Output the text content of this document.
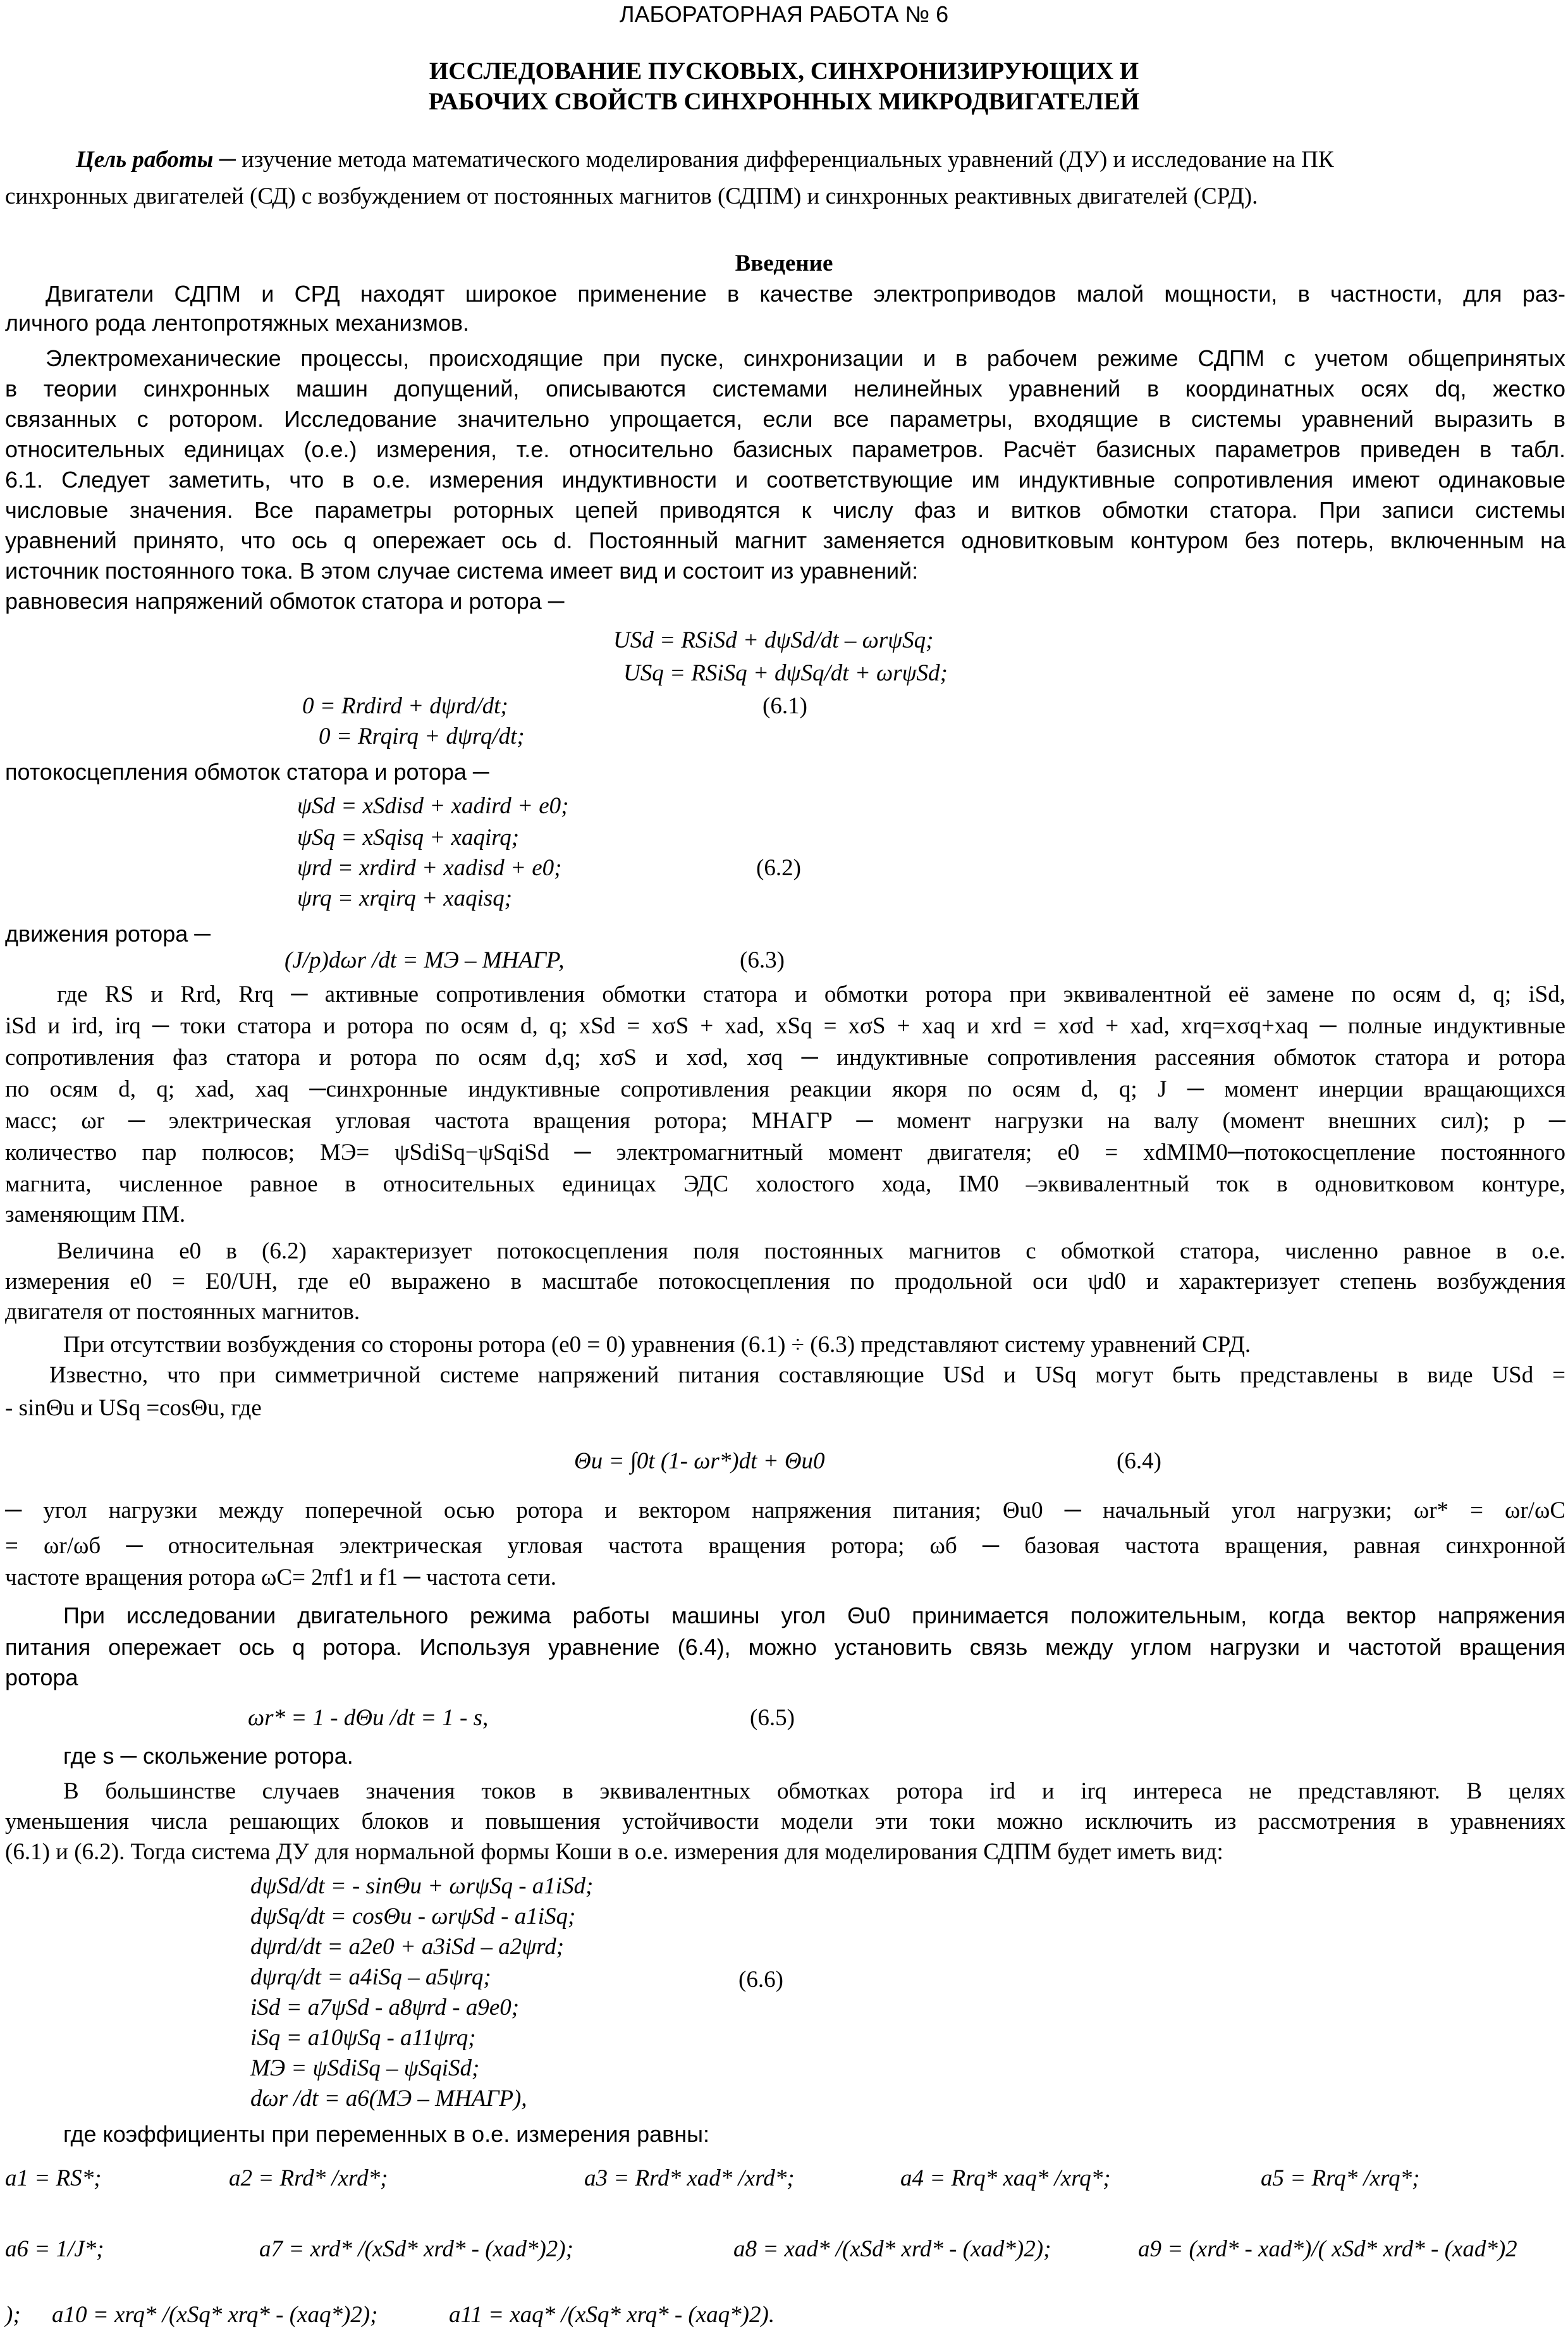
ЛАБОРАТОРНАЯ РАБОТА № 6
ИССЛЕДОВАНИЕ ПУСКОВЫХ, СИНХРОНИЗИРУЮЩИХ И
РАБОЧИХ СВОЙСТВ СИНХРОННЫХ МИКРОДВИГАТЕЛЕЙ
Цель работы ─ изучение метода математического моделирования дифференциальных уравнений (ДУ) и исследование на ПК
синхронных двигателей (СД) с возбуждением от постоянных магнитов (СДПМ) и синхронных реактивных двигателей (СРД).
Введение
Двигатели СДПМ и СРД находят широкое применение в качестве электроприводов малой мощности, в частности, для раз-
личного рода лентопротяжных механизмов.
Электромеханические процессы, происходящие при пуске, синхронизации и в рабочем режиме СДПМ с учетом общепринятых
в теории синхронных машин допущений, описываются системами нелинейных уравнений в координатных осях dq, жестко
связанных с ротором. Исследование значительно упрощается, если все параметры, входящие в системы уравнений выразить в
относительных единицах (о.е.) измерения, т.е. относительно базисных параметров. Расчёт базисных параметров приведен в табл.
6.1. Следует заметить, что в о.е. измерения индуктивности и соответствующие им индуктивные сопротивления имеют одинаковые
числовые значения. Все параметры роторных цепей приводятся к числу фаз и витков обмотки статора. При записи системы
уравнений принято, что ось q опережает ось d. Постоянный магнит заменяется одновитковым контуром без потерь, включенным на
источник постоянного тока. В этом случае система имеет вид и состоит из уравнений:
равновесия напряжений обмоток статора и ротора ─
USd = RSiSd + dψSd/dt – ωrψSq;
USq = RSiSq + dψSq/dt + ωrψSd;
0 = Rrdird + dψrd/dt;	(6.1)
0 = Rrqirq + dψrq/dt;
потокосцепления обмоток статора и ротора ─
ψSd = xSdisd + xadird + e0;
ψSq = xSqisq + xaqirq;
ψrd = xrdird + xadisd + e0;	(6.2)
ψrq = xrqirq + xaqisq;
движения ротора ─
(J/p)dωr /dt = MЭ – MНАГР,	(6.3)
где RS и Rrd, Rrq ─ активные сопротивления обмотки статора и обмотки ротора при эквивалентной её замене по осям d, q; iSd,
iSd и ird, irq ─ токи статора и ротора по осям d, q; xSd = xσS + xad, xSq = xσS + xaq и xrd = xσd + xad, xrq=xσq+xaq ─ полные индуктивные
сопротивления фаз статора и ротора по осям d,q; xσS и xσd, xσq ─ индуктивные сопротивления рассеяния обмоток статора и ротора
по осям d, q; xad, xaq ─синхронные индуктивные сопротивления реакции якоря по осям d, q; J ─ момент инерции вращающихся
масс; ωr ─ электрическая угловая частота вращения ротора; MНАГР ─ момент нагрузки на валу (момент внешних сил); p ─
количество пар полюсов; MЭ= ψSdiSq−ψSqiSd ─ электромагнитный момент двигателя; e0 = xdMIM0─потокосцепление постоянного
магнита, численное равное в относительных единицах ЭДС холостого хода, IM0 –эквивалентный ток в одновитковом контуре,
заменяющим ПМ.
Величина e0 в (6.2) характеризует потокосцепления поля постоянных магнитов с обмоткой статора, численно равное в о.е.
измерения e0 = E0/UН, где e0 выражено в масштабе потокосцепления по продольной оси ψd0 и характеризует степень возбуждения
двигателя от постоянных магнитов.
При отсутствии возбуждения со стороны ротора (e0 = 0) уравнения (6.1) ÷ (6.3) представляют систему уравнений СРД.
Известно, что при симметричной системе напряжений питания составляющие USd и USq могут быть представлены в виде USd =
- sinΘu и USq =cosΘu, где
Θu = ∫0t (1- ωr*)dt + Θu0	(6.4)
─ угол нагрузки между поперечной осью ротора и вектором напряжения питания; Θu0 ─ начальный угол нагрузки; ωr* = ωr/ωC
= ωr/ωб ─ относительная электрическая угловая частота вращения ротора; ωб ─ базовая частота вращения, равная синхронной
частоте вращения ротора ωC= 2πf1 и f1 ─ частота сети.
При исследовании двигательного режима работы машины угол Θu0 принимается положительным, когда вектор напряжения
питания опережает ось q ротора. Используя уравнение (6.4), можно установить связь между углом нагрузки и частотой вращения
ротора
ωr* = 1 - dΘu /dt = 1 - s,	(6.5)
где s ─ скольжение ротора.
В большинстве случаев значения токов в эквивалентных обмотках ротора ird и irq интереса не представляют. В целях
уменьшения числа решающих блоков и повышения устойчивости модели эти токи можно исключить из рассмотрения в уравнениях
(6.1) и (6.2). Тогда система ДУ для нормальной формы Коши в о.е. измерения для моделирования СДПМ будет иметь вид:
dψSd/dt = - sinΘu + ωrψSq - a1iSd;
dψSq/dt = cosΘu - ωrψSd - a1iSq;
dψrd/dt = a2e0 + a3iSd – a2ψrd;
dψrq/dt = a4iSq – a5ψrq;	(6.6)
iSd = a7ψSd - a8ψrd - a9e0;
iSq = a10ψSq - a11ψrq;
MЭ = ψSdiSq – ψSqiSd;
dωr /dt = a6(MЭ – MНАГР),
где коэффициенты при переменных в о.е. измерения равны:
a1 = RS*;	a2 = Rrd* /xrd*;	a3 = Rrd* xad* /xrd*;	a4 = Rrq* xaq* /xrq*;	a5 = Rrq* /xrq*;
a6 = 1/J*;	a7 = xrd* /(xSd* xrd* - (xad*)2);	a8 = xad* /(xSd* xrd* - (xad*)2);	a9 = (xrd* - xad*)/( xSd* xrd* - (xad*)2
); a10 = xrq* /(xSq* xrq* - (xaq*)2);	a11 = xaq* /(xSq* xrq* - (xaq*)2).
